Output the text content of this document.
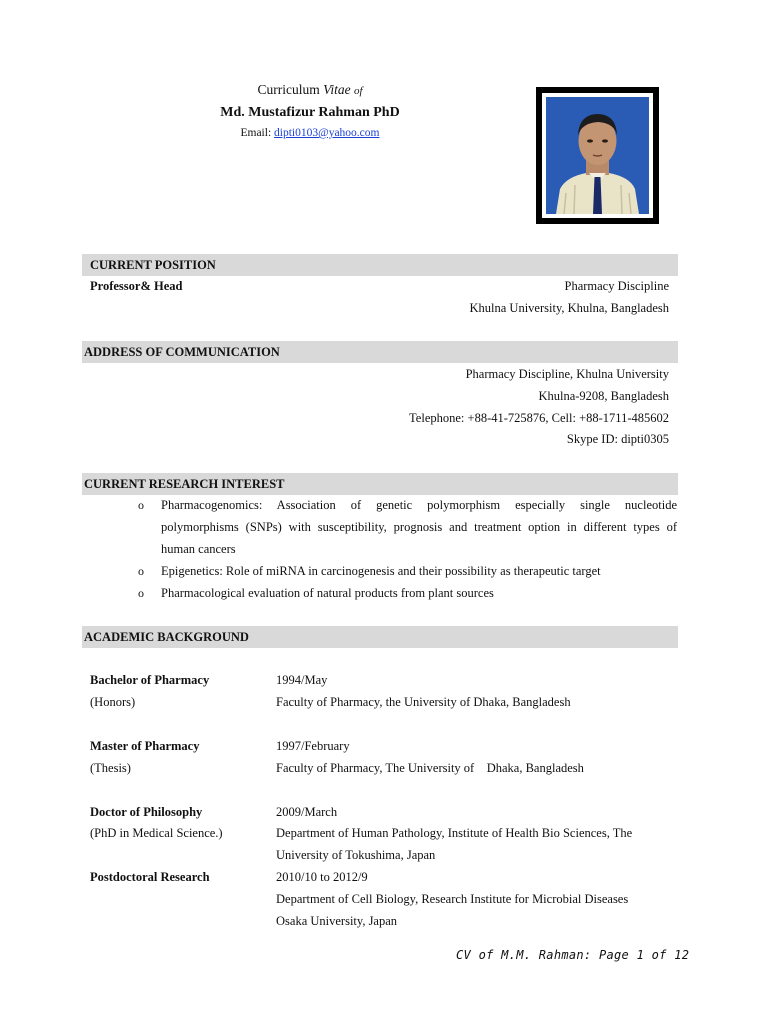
Curriculum Vitae of
Md. Mustafizur Rahman PhD
Email: dipti0103@yahoo.com
CURRENT POSITION
Professor& Head	Pharmacy Discipline
Khulna University, Khulna, Bangladesh
ADDRESS OF COMMUNICATION
Pharmacy Discipline, Khulna University
Khulna-9208, Bangladesh
Telephone: +88-41-725876, Cell: +88-1711-485602
Skype ID: dipti0305
CURRENT RESEARCH INTEREST
o Pharmacogenomics: Association of genetic polymorphism especially single nucleotide
polymorphisms (SNPs) with susceptibility, prognosis and treatment option in different types of
human cancers
o Epigenetics: Role of miRNA in carcinogenesis and their possibility as therapeutic target
o Pharmacological evaluation of natural products from plant sources
ACADEMIC BACKGROUND
Bachelor of Pharmacy
(Honors)
1994/May
Faculty of Pharmacy, the University of Dhaka, Bangladesh
Master of Pharmacy
(Thesis)
1997/February
Faculty of Pharmacy, The University of    Dhaka, Bangladesh
Doctor of Philosophy
(PhD in Medical Science.)
2009/March
Department of Human Pathology, Institute of Health Bio Sciences, The
University of Tokushima, Japan
Postdoctoral Research	2010/10 to 2012/9
Department of Cell Biology, Research Institute for Microbial Diseases
Osaka University, Japan
CV of M.M. Rahman: Page 1 of 12
